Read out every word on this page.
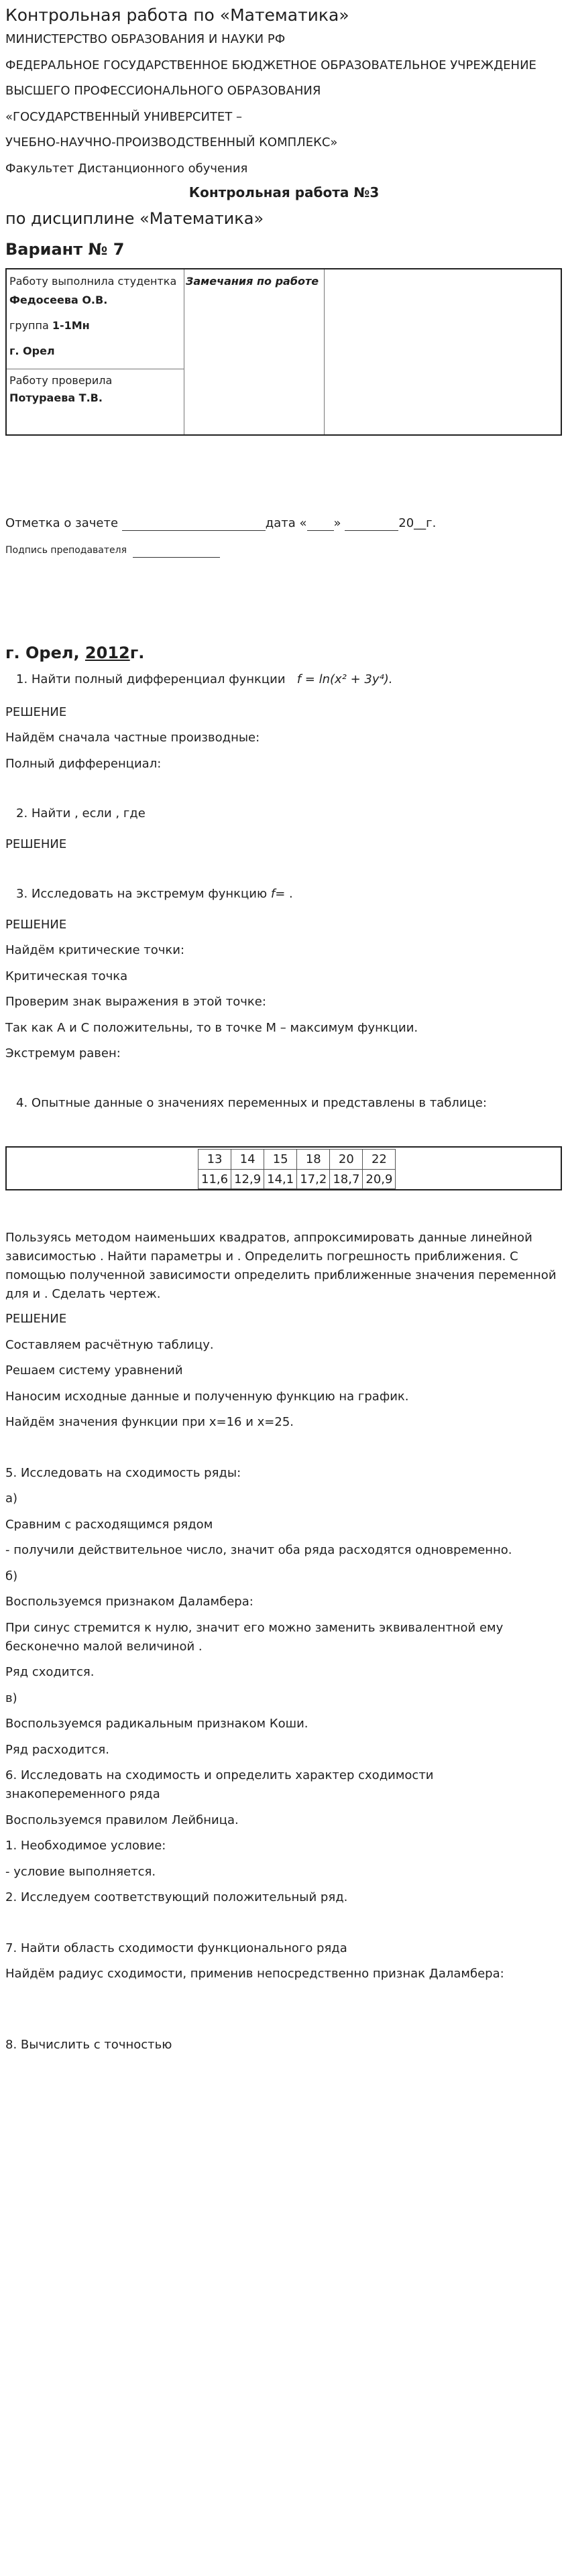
Контрольная работа по «Математика»
МИНИСТЕРСТВО ОБРАЗОВАНИЯ И НАУКИ РФ
ФЕДЕРАЛЬНОЕ ГОСУДАРСТВЕННОЕ БЮДЖЕТНОЕ ОБРАЗОВАТЕЛЬНОЕ УЧРЕЖДЕНИЕ
ВЫСШЕГО ПРОФЕССИОНАЛЬНОГО ОБРАЗОВАНИЯ
«ГОСУДАРСТВЕННЫЙ УНИВЕРСИТЕТ –
УЧЕБНО-НАУЧНО-ПРОИЗВОДСТВЕННЫЙ КОМПЛЕКС»
Факультет Дистанционного обучения
Контрольная работа №3
по дисциплине «Математика»
Вариант № 7
Работу выполнила студентка
Федосеева О.В.
группа 1-1Мн
г. Орел
Работу проверила
Потураева Т.В.
Замечания по работе
Отметка о зачете	дата « »	20__г.
Подпись преподавателя
г. Орел, 2012г.
1. Найти полный дифференциал функции f = ln(x² + 3y⁴).
РЕШЕНИЕ
Найдём сначала частные производные:
Полный дифференциал:
2. Найти , если , где
РЕШЕНИЕ
3. Исследовать на экстремум функцию f= .
РЕШЕНИЕ
Найдём критические точки:
Критическая точка
Проверим знак выражения в этой точке:
Так как А и С положительны, то в точке М – максимум функции.
Экстремум равен:
4. Опытные данные о значениях переменных и представлены в таблице:
13	14	15	18	20	22
11,6	12,9	14,1	17,2	18,7	20,9
Пользуясь методом наименьших квадратов, аппроксимировать данные линейной
зависимостью . Найти параметры и . Определить погрешность приближения. С
помощью полученной зависимости определить приближенные значения переменной
для и . Сделать чертеж.
РЕШЕНИЕ
Составляем расчётную таблицу.
Решаем систему уравнений
Наносим исходные данные и полученную функцию на график.
Найдём значения функции при х=16 и х=25.
5. Исследовать на сходимость ряды:
а)
Сравним с расходящимся рядом
- получили действительное число, значит оба ряда расходятся одновременно.
б)
Воспользуемся признаком Даламбера:
При синус стремится к нулю, значит его можно заменить эквивалентной ему
бесконечно малой величиной .
Ряд сходится.
в)
Воспользуемся радикальным признаком Коши.
Ряд расходится.
6. Исследовать на сходимость и определить характер сходимости
знакопеременного ряда
Воспользуемся правилом Лейбница.
1. Необходимое условие:
- условие выполняется.
2. Исследуем соответствующий положительный ряд.
7. Найти область сходимости функционального ряда
Найдём радиус сходимости, применив непосредственно признак Даламбера:
8. Вычислить с точностью
